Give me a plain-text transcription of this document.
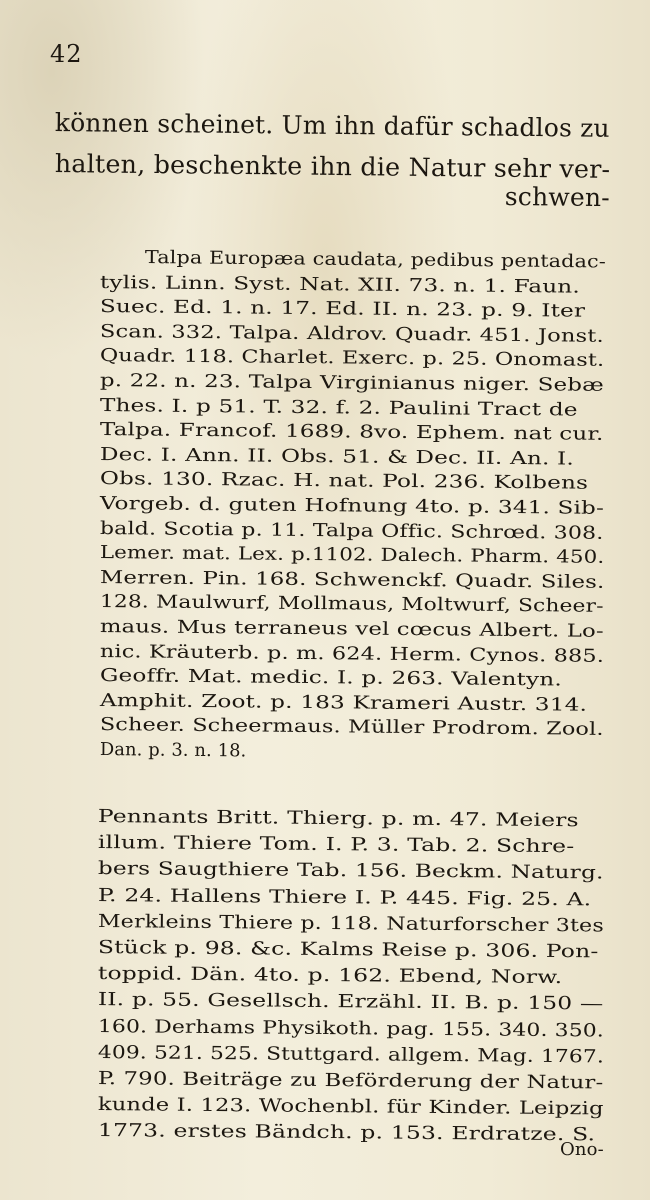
42

können scheinet. Um ihn dafür schadlos zu

halten, beschenkte ihn die Natur sehr ver-

schwen-

Talpa Europæa caudata, pedibus pentadac-

tylis. Linn. Syst. Nat. XII. 73. n. 1. Faun.

Suec. Ed. 1. n. 17. Ed. II. n. 23. p. 9. Iter

Scan. 332. Talpa. Aldrov. Quadr. 451. Jonst.

Quadr. 118. Charlet. Exerc. p. 25. Onomast.

p. 22. n. 23. Talpa Virginianus niger. Sebæ

Thes. I. p 51. T. 32. f. 2. Paulini Tract de

Talpa. Francof. 1689. 8vo. Ephem. nat cur.

Dec. I. Ann. II. Obs. 51. & Dec. II. An. I.

Obs. 130. Rzac. H. nat. Pol. 236. Kolbens

Vorgeb. d. guten Hofnung 4to. p. 341. Sib-

bald. Scotia p. 11. Talpa Offic. Schrœd. 308.

Lemer. mat. Lex. p.1102. Dalech. Pharm. 450.

Merren. Pin. 168. Schwenckf. Quadr. Siles.

128. Maulwurf, Mollmaus, Moltwurf, Scheer-

maus. Mus terraneus vel cœcus Albert. Lo-

nic. Kräuterb. p. m. 624. Herm. Cynos. 885.

Geoffr. Mat. medic. I. p. 263. Valentyn.

Amphit. Zoot. p. 183 Krameri Austr. 314.

Scheer. Scheermaus. Müller Prodrom. Zool.

Dan. p. 3. n. 18.

Pennants Britt. Thierg. p. m. 47. Meiers

illum. Thiere Tom. I. P. 3. Tab. 2. Schre-

bers Saugthiere Tab. 156. Beckm. Naturg.

P. 24. Hallens Thiere I. P. 445. Fig. 25. A.

Merkleins Thiere p. 118. Naturforscher 3tes

Stück p. 98. &c. Kalms Reise p. 306. Pon-

toppid. Dän. 4to. p. 162. Ebend, Norw.

II. p. 55. Gesellsch. Erzähl. II. B. p. 150 —

160. Derhams Physikoth. pag. 155. 340. 350.

409. 521. 525. Stuttgard. allgem. Mag. 1767.

P. 790. Beiträge zu Beförderung der Natur-

kunde I. 123. Wochenbl. für Kinder. Leipzig

1773. erstes Bändch. p. 153. Erdratze. S.

Ono-
